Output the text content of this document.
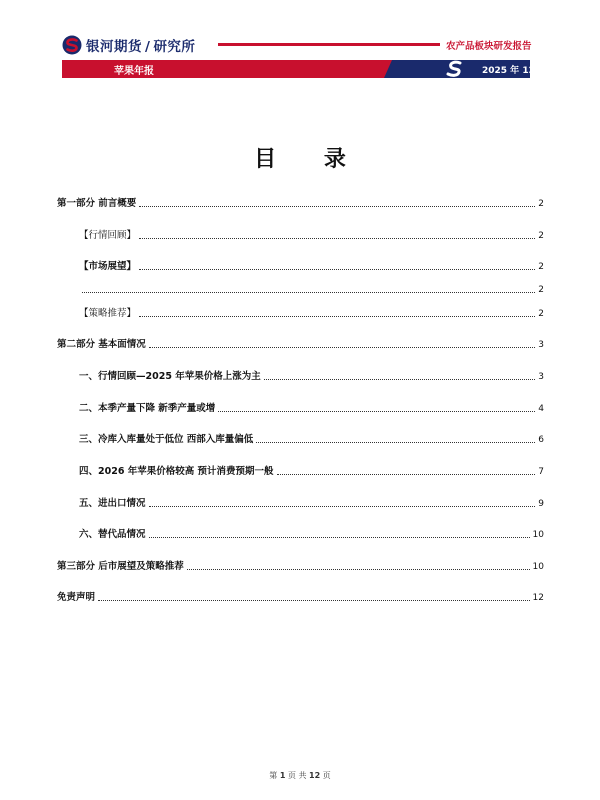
银河期货 / 研究所	农产品板块研发报告
苹果年报	2025 年 12 月 26 日
目 录
第一部分 前言概要	2
【行情回顾】	2
【市场展望】	2
2
【策略推荐】	2
第二部分 基本面情况	3
一、行情回顾—2025 年苹果价格上涨为主	3
二、本季产量下降 新季产量或增	4
三、冷库入库量处于低位 西部入库量偏低	6
四、2026 年苹果价格较高 预计消费预期一般	7
五、进出口情况	9
六、替代品情况	10
第三部分 后市展望及策略推荐	10
免责声明	12
第 1 页 共 12 页
